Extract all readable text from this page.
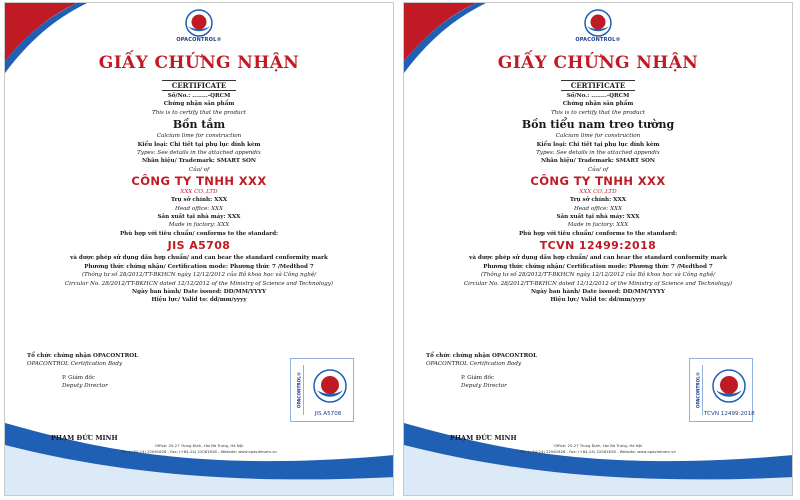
OPACONTROL®
GIẤY CHỨNG NHẬN
CERTIFICATE
Số/No.: ........-QRCM
Chứng nhận sản phẩm
This is to certify that the product
Bồn tắm
Calcium lime for construction
Kiểu loại: Chi tiết tại phụ lục đính kèm
Types: See details in the attached appendix
Nhãn hiệu/ Trademark: SMART SON
Của/ of
CÔNG TY TNHH XXX
XXX CO.,LTD
Trụ sở chính: XXX
Head office: XXX
Sản xuất tại nhà máy: XXX
Made in factory: XXX
Phù hợp với tiêu chuẩn/ conforms to the standard:
JIS A5708
và được phép sử dụng dấu hợp chuẩn/ and can bear the standard conformity mark
Phương thức chứng nhận/ Certification mode: Phương thức 7 /Medthod 7
(Thông tư số 28/2012/TT-BKHCN ngày 12/12/2012 của Bộ khoa học và Công nghệ/
Circular No. 28/2012/TT-BKHCN dated 12/12/2012 of the Ministry of Science and Technology)
Ngày ban hành/ Date issued: DD/MM/YYYY
Hiệu lực/ Valid to: dd/mm/yyyy
Tổ chức chứng nhận OPACONTROL
OPACONTROL Certification Body
P. Giám đốc
Deputy Director
PHẠM ĐỨC MINH
OPACONTROL®
JIS A5708
Office: 25-27 Trưng Định, Hai Bà Trưng, Hà Nội
Tel: (+84-24) 22061628 - Fax: (+84-24) 22061628 - Website: www.opavietnam.vn
OPACONTROL®
GIẤY CHỨNG NHẬN
CERTIFICATE
Số/No.: ........-QRCM
Chứng nhận sản phẩm
This is to certify that the product
Bồn tiểu nam treo tường
Calcium lime for construction
Kiểu loại: Chi tiết tại phụ lục đính kèm
Types: See details in the attached appendix
Nhãn hiệu/ Trademark: SMART SON
Của/ of
CÔNG TY TNHH XXX
XXX CO.,LTD
Trụ sở chính: XXX
Head office: XXX
Sản xuất tại nhà máy: XXX
Made in factory: XXX
Phù hợp với tiêu chuẩn/ conforms to the standard:
TCVN 12499:2018
và được phép sử dụng dấu hợp chuẩn/ and can bear the standard conformity mark
Phương thức chứng nhận/ Certification mode: Phương thức 7 /Medthod 7
(Thông tư số 28/2012/TT-BKHCN ngày 12/12/2012 của Bộ khoa học và Công nghệ/
Circular No. 28/2012/TT-BKHCN dated 12/12/2012 of the Ministry of Science and Technology)
Ngày ban hành/ Date issued: DD/MM/YYYY
Hiệu lực/ Valid to: dd/mm/yyyy
Tổ chức chứng nhận OPACONTROL
OPACONTROL Certification Body
P. Giám đốc
Deputy Director
PHẠM ĐỨC MINH
OPACONTROL®
TCVN 12499:2018
Office: 25-27 Trưng Định, Hai Bà Trưng, Hà Nội
Tel: (+84-24) 22061628 - Fax: (+84-24) 22061628 - Website: www.opavietnam.vn
